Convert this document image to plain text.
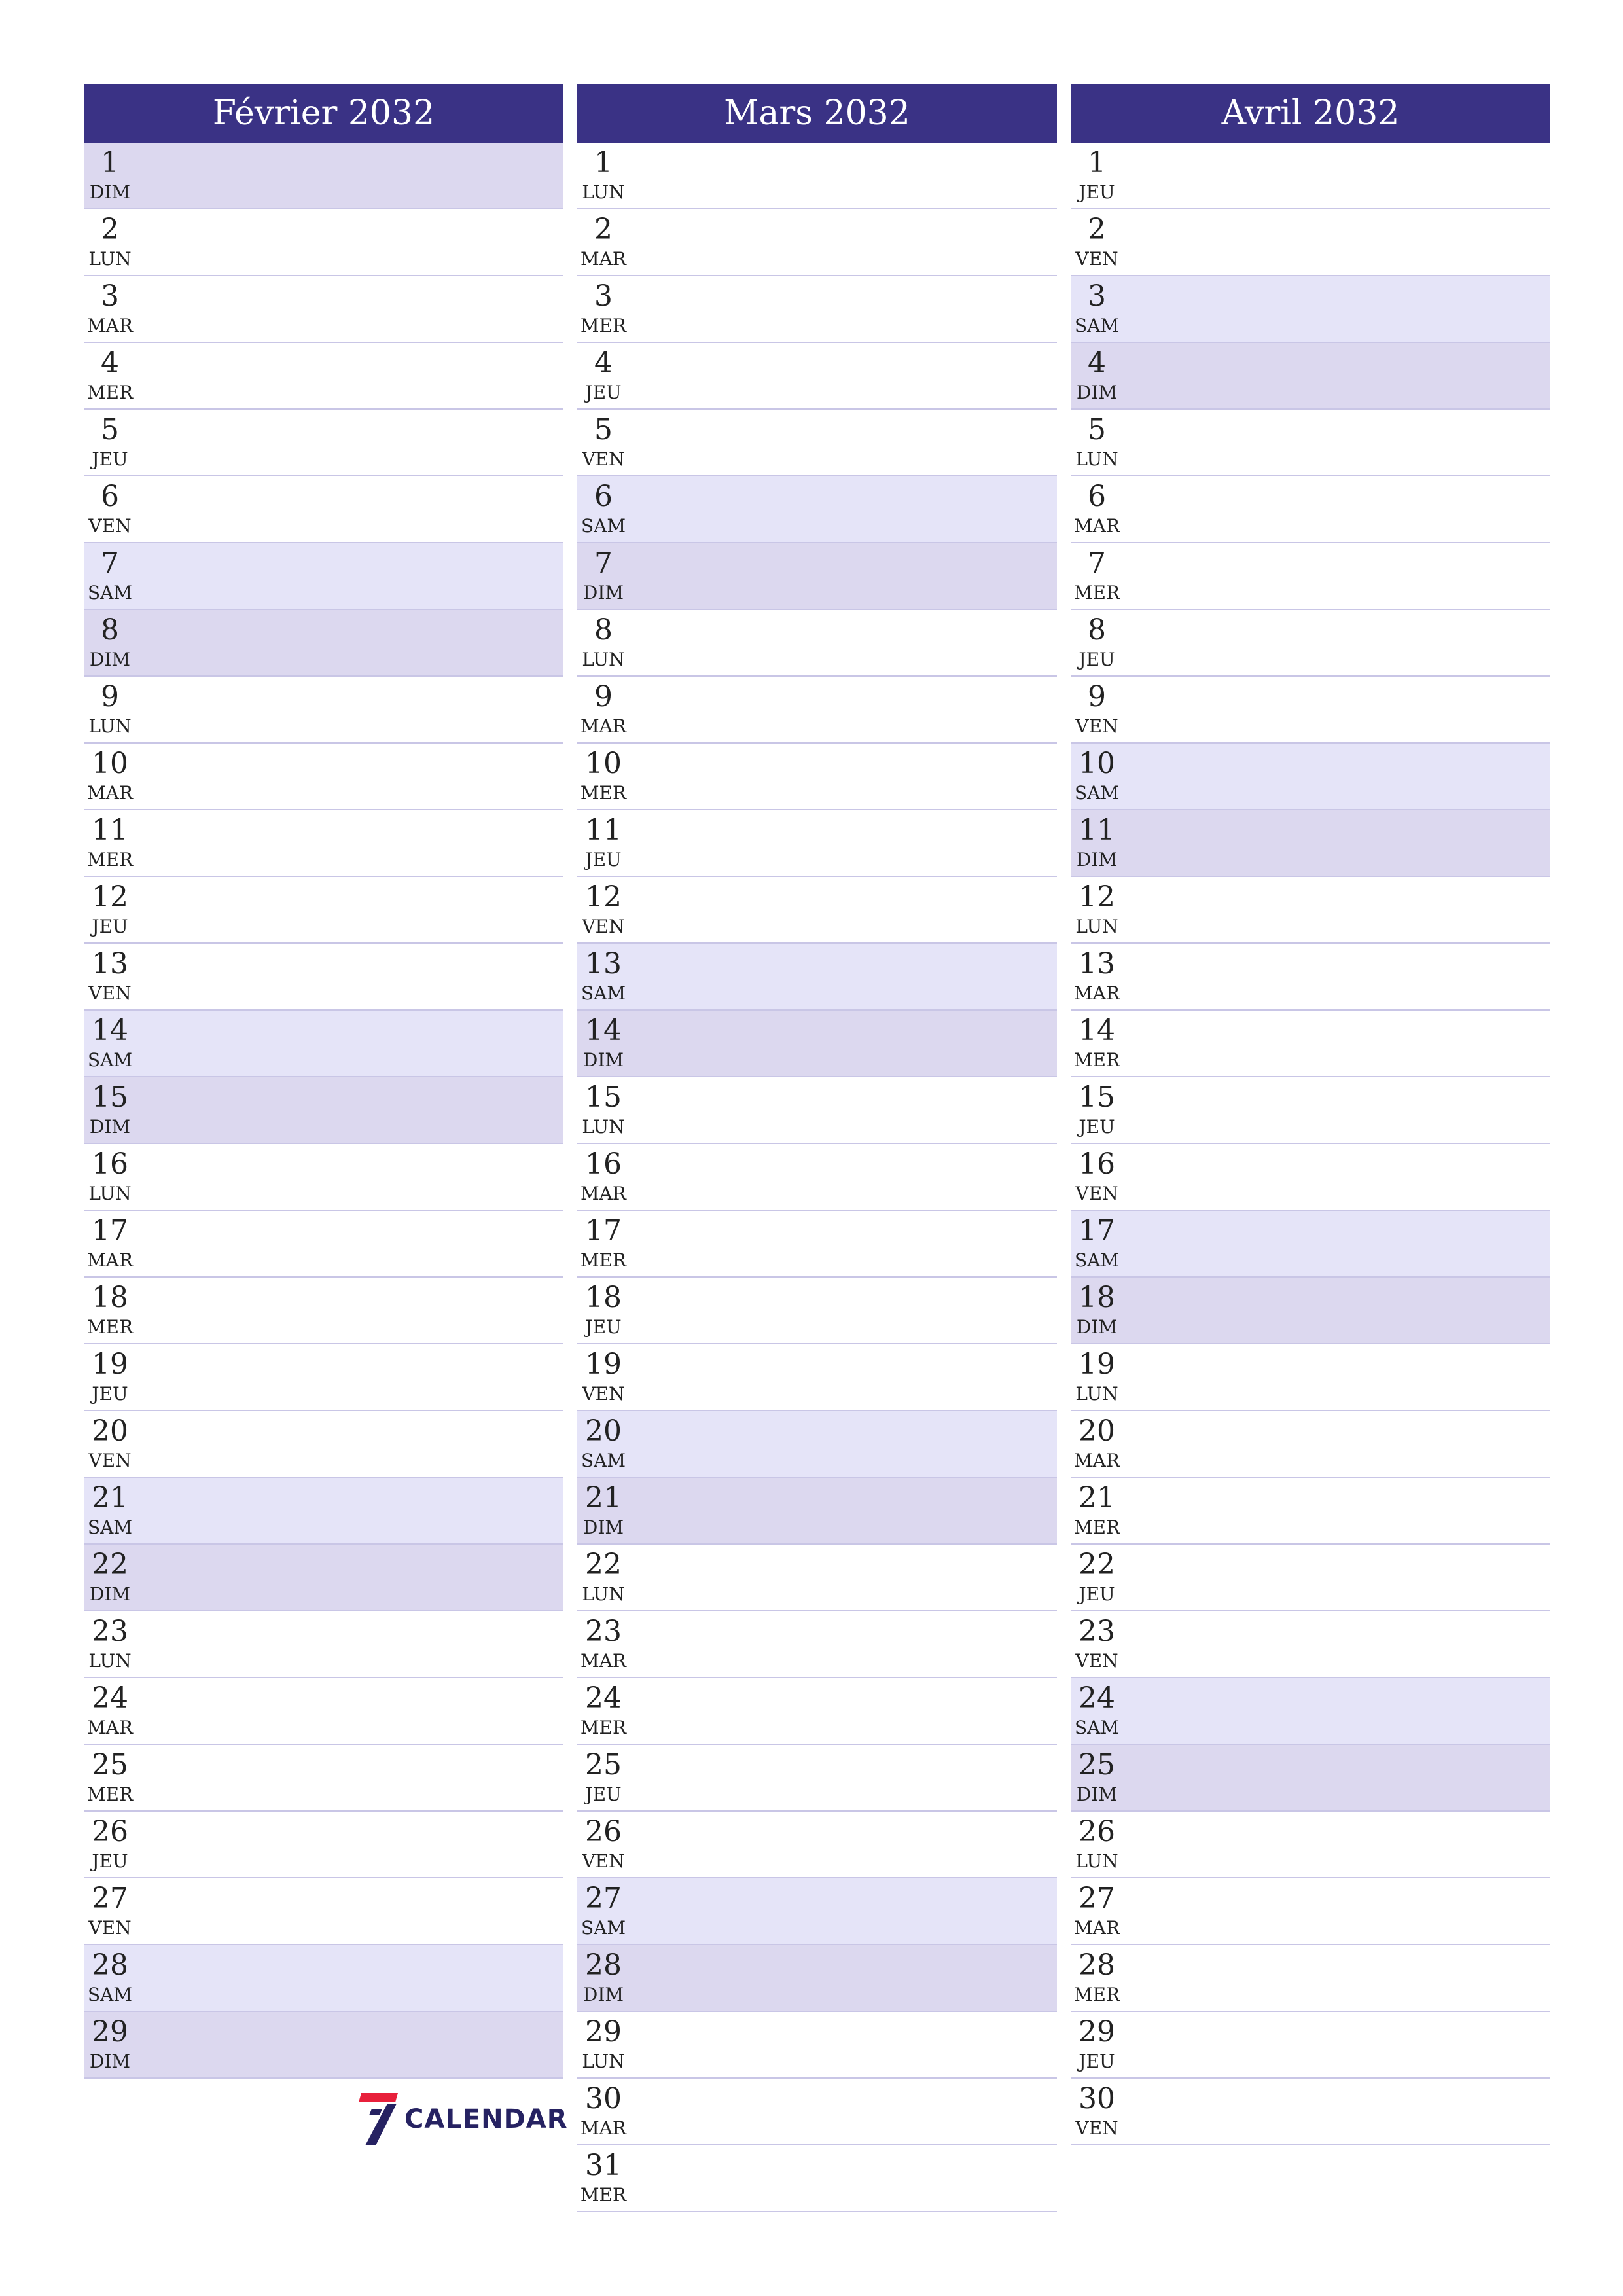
Février 2032
1
DIM
2
LUN
3
MAR
4
MER
5
JEU
6
VEN
7
SAM
8
DIM
9
LUN
10
MAR
11
MER
12
JEU
13
VEN
14
SAM
15
DIM
16
LUN
17
MAR
18
MER
19
JEU
20
VEN
21
SAM
22
DIM
23
LUN
24
MAR
25
MER
26
JEU
27
VEN
28
SAM
29
DIM
Mars 2032
1
LUN
2
MAR
3
MER
4
JEU
5
VEN
6
SAM
7
DIM
8
LUN
9
MAR
10
MER
11
JEU
12
VEN
13
SAM
14
DIM
15
LUN
16
MAR
17
MER
18
JEU
19
VEN
20
SAM
21
DIM
22
LUN
23
MAR
24
MER
25
JEU
26
VEN
27
SAM
28
DIM
29
LUN
30
MAR
31
MER
Avril 2032
1
JEU
2
VEN
3
SAM
4
DIM
5
LUN
6
MAR
7
MER
8
JEU
9
VEN
10
SAM
11
DIM
12
LUN
13
MAR
14
MER
15
JEU
16
VEN
17
SAM
18
DIM
19
LUN
20
MAR
21
MER
22
JEU
23
VEN
24
SAM
25
DIM
26
LUN
27
MAR
28
MER
29
JEU
30
VEN
CALENDAR
